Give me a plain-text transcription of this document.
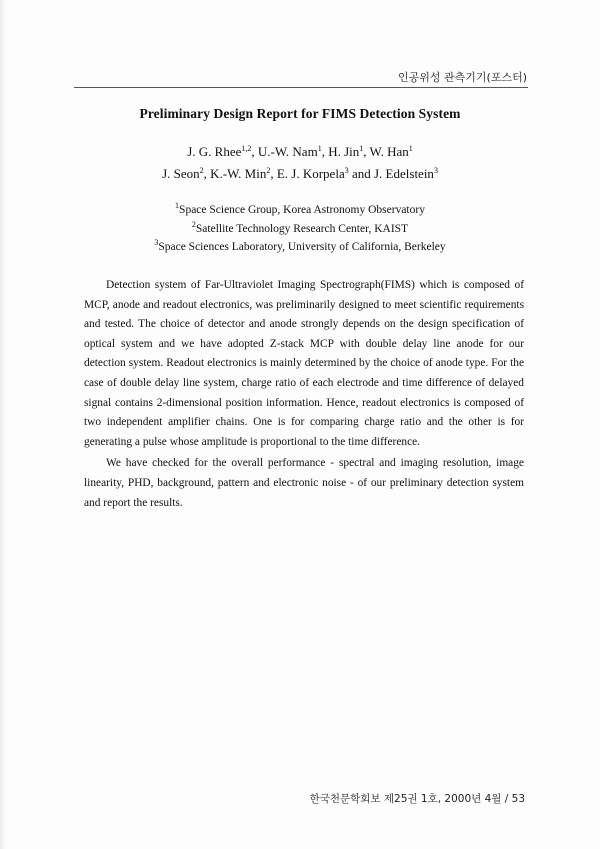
인공위성 관측기기(포스터)
Preliminary Design Report for FIMS Detection System
J. G. Rhee$^{1,2}$, U.-W. Nam$^1$, H. Jin$^1$, W. Han$^1$
J. Seon$^2$, K.-W. Min$^2$, E. J. Korpela$^3$ and J. Edelstein$^3$
$^1$Space Science Group, Korea Astronomy Observatory
$^2$Satellite Technology Research Center, KAIST
$^3$Space Sciences Laboratory, University of California, Berkeley

Detection system of Far-Ultraviolet Imaging Spectrograph(FIMS) which is composed of MCP, anode and readout electronics, was preliminarily designed to meet scientific requirements and tested. The choice of detector and anode strongly depends on the design specification of optical system and we have adopted Z-stack MCP with double delay line anode for our detection system. Readout electronics is mainly determined by the choice of anode type. For the case of double delay line system, charge ratio of each electrode and time difference of delayed signal contains 2-dimensional position information. Hence, readout electronics is composed of two independent amplifier chains. One is for comparing charge ratio and the other is for generating a pulse whose amplitude is proportional to the time difference.

We have checked for the overall performance - spectral and imaging resolution, image linearity, PHD, background, pattern and electronic noise - of our preliminary detection system and report the results.

한국천문학회보 제25권 1호, 2000년 4월 / 53
